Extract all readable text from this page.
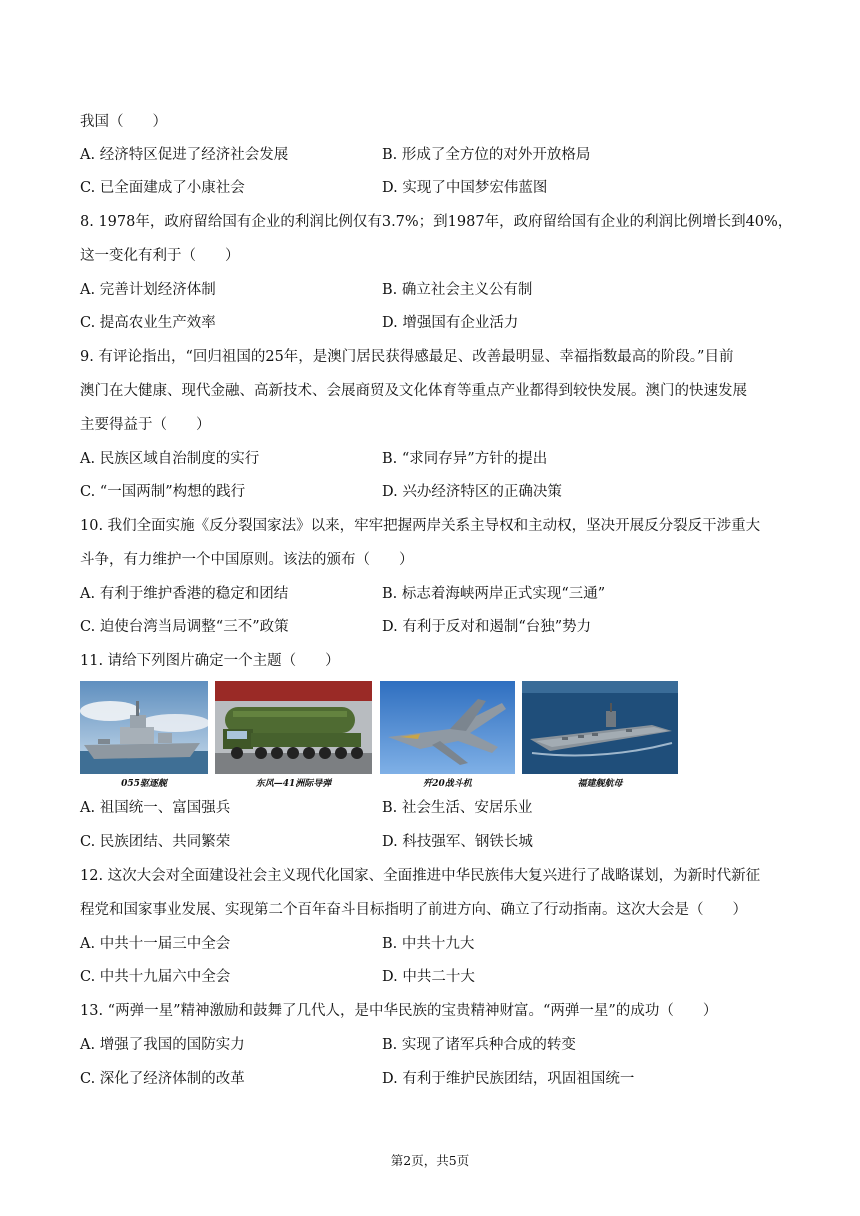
我国（　　）
A. 经济特区促进了经济社会发展	B. 形成了全方位的对外开放格局
C. 已全面建成了小康社会	D. 实现了中国梦宏伟蓝图
8. 1978年，政府留给国有企业的利润比例仅有3.7%；到1987年，政府留给国有企业的利润比例增长到40%，
这一变化有利于（　　）
A. 完善计划经济体制	B. 确立社会主义公有制
C. 提高农业生产效率	D. 增强国有企业活力
9. 有评论指出，“回归祖国的25年，是澳门居民获得感最足、改善最明显、幸福指数最高的阶段。”目前
澳门在大健康、现代金融、高新技术、会展商贸及文化体育等重点产业都得到较快发展。澳门的快速发展
主要得益于（　　）
A. 民族区域自治制度的实行	B. “求同存异”方针的提出
C. “一国两制”构想的践行	D. 兴办经济特区的正确决策
10. 我们全面实施《反分裂国家法》以来，牢牢把握两岸关系主导权和主动权，坚决开展反分裂反干涉重大
斗争，有力维护一个中国原则。该法的颁布（　　）
A. 有利于维护香港的稳定和团结	B. 标志着海峡两岸正式实现“三通”
C. 迫使台湾当局调整“三不”政策	D. 有利于反对和遏制“台独”势力
11. 请给下列图片确定一个主题（　　）
055驱逐舰	东风—41洲际导弹	歼20战斗机	福建舰航母
A. 祖国统一、富国强兵	B. 社会生活、安居乐业
C. 民族团结、共同繁荣	D. 科技强军、钢铁长城
12. 这次大会对全面建设社会主义现代化国家、全面推进中华民族伟大复兴进行了战略谋划，为新时代新征
程党和国家事业发展、实现第二个百年奋斗目标指明了前进方向、确立了行动指南。这次大会是（　　）
A. 中共十一届三中全会	B. 中共十九大
C. 中共十九届六中全会	D. 中共二十大
13. “两弹一星”精神激励和鼓舞了几代人，是中华民族的宝贵精神财富。“两弹一星”的成功（　　）
A. 增强了我国的国防实力	B. 实现了诸军兵种合成的转变
C. 深化了经济体制的改革	D. 有利于维护民族团结，巩固祖国统一
第2页，共5页
